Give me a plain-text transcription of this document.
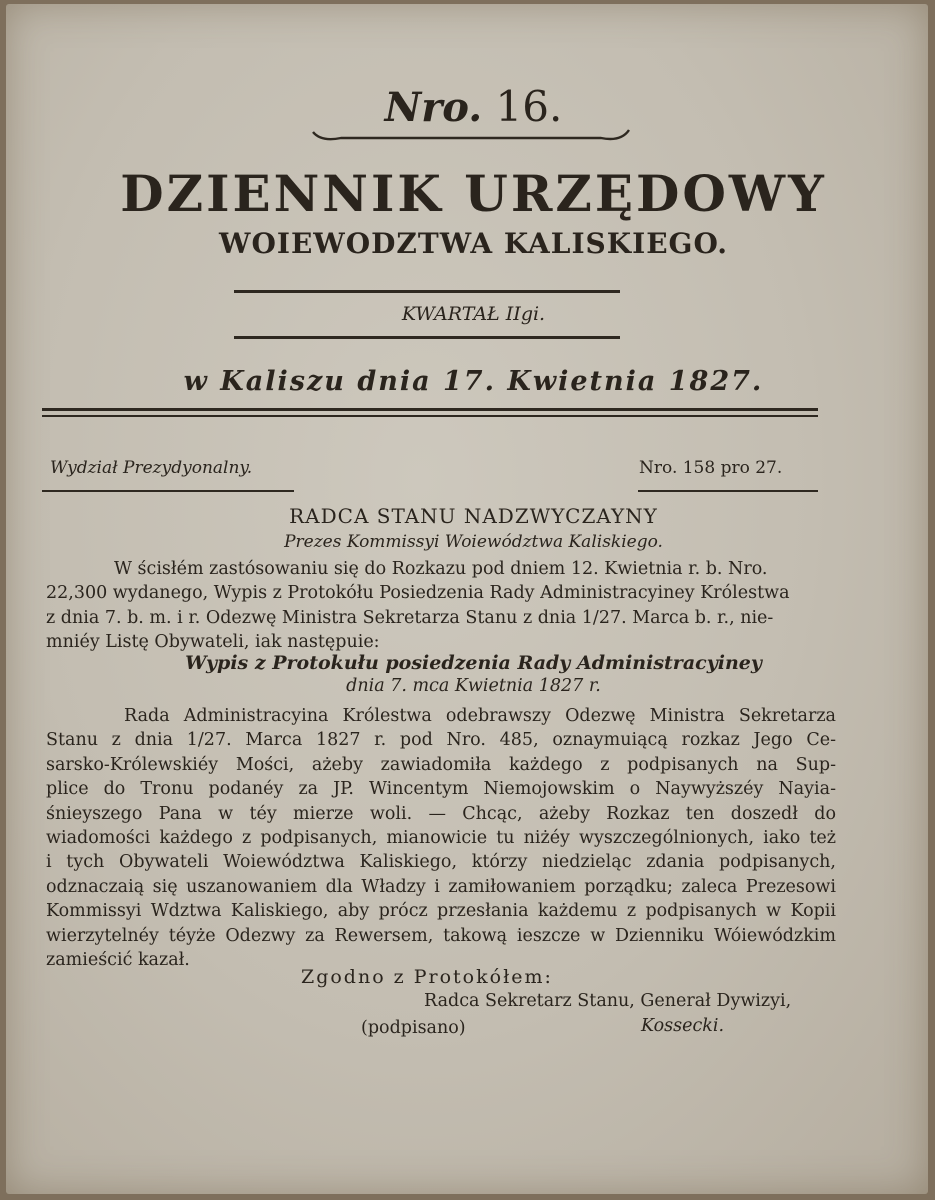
Nro. 16.
DZIENNIK URZĘDOWY
WOIEWODZTWA KALISKIEGO.
KWARTAŁ IIgi.
w Kaliszu dnia 17. Kwietnia 1827.
Wydział Prezydyonalny.	Nro. 158 pro 27.
RADCA STANU NADZWYCZAYNY
Prezes Kommissyi Woiewództwa Kaliskiego.
W ścisłém zastósowaniu się do Rozkazu pod dniem 12. Kwietnia r. b. Nro.
22,300 wydanego, Wypis z Protokółu Posiedzenia Rady Administracyiney Królestwa
z dnia 7. b. m. i r. Odezwę Ministra Sekretarza Stanu z dnia 1/27. Marca b. r., nie-
mniéy Listę Obywateli, iak następuie:
Wypis z Protokułu posiedzenia Rady Administracyiney
dnia 7. mca Kwietnia 1827 r.
Rada Administracyina Królestwa odebrawszy Odezwę Ministra Sekretarza
Stanu z dnia 1/27. Marca 1827 r. pod Nro. 485, oznaymuiącą rozkaz Jego Ce-
sarsko-Królewskiéy Mości, ażeby zawiadomiła każdego z podpisanych na Sup-
plice do Tronu podanéy za JP. Wincentym Niemojowskim o Naywyższéy Nayia-
śnieyszego Pana w téy mierze woli. — Chcąc, ażeby Rozkaz ten doszedł do
wiadomości każdego z podpisanych, mianowicie tu niżéy wyszczególnionych, iako też
i tych Obywateli Woiewództwa Kaliskiego, którzy niedzieląc zdania podpisanych,
odznaczaią się uszanowaniem dla Władzy i zamiłowaniem porządku; zaleca Prezesowi
Kommissyi Wdztwa Kaliskiego, aby prócz przesłania każdemu z podpisanych w Kopii
wierzytelnéy téyże Odezwy za Rewersem, takową ieszcze w Dzienniku Wóiewódzkim
zamieścić kazał.
Zgodno z Protokółem:
Radca Sekretarz Stanu, Generał Dywizyi,
(podpisano)	Kossecki.
